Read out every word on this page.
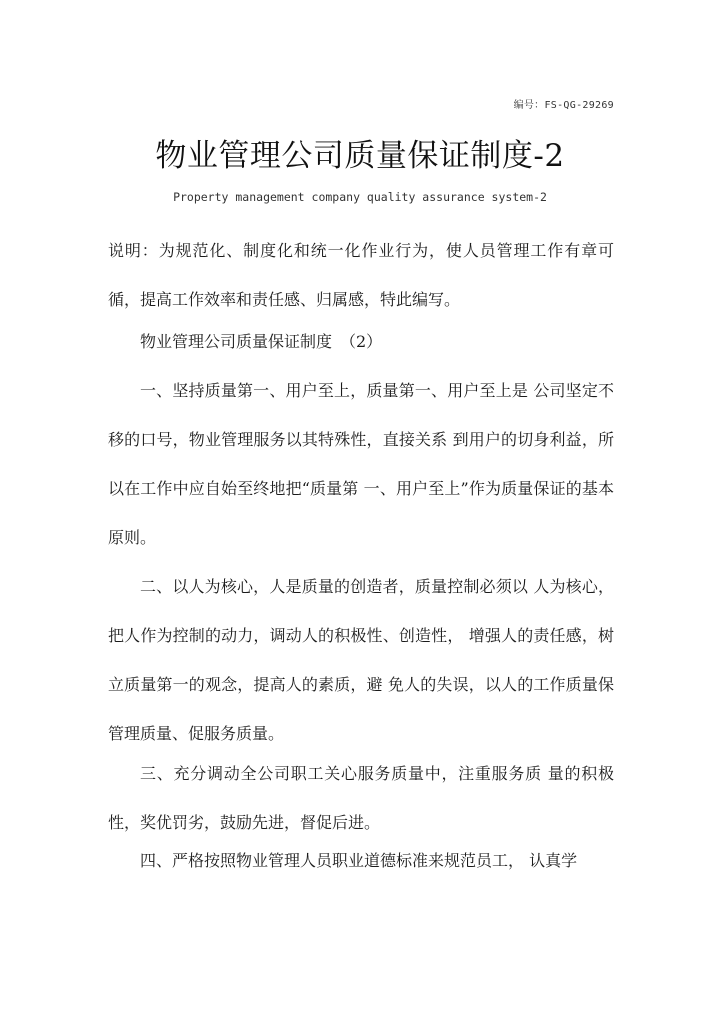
编号：FS-QG-29269
物业管理公司质量保证制度-2
Property management company quality assurance system-2

说明：为规范化、制度化和统一化作业行为，使人员管理工作有章可循，提高工作效率和责任感、归属感，特此编写。

物业管理公司质量保证制度　（2）

一、坚持质量第一、用户至上，质量第一、用户至上是 公司坚定不移的口号，物业管理服务以其特殊性，直接关系 到用户的切身利益，所以在工作中应自始至终地把“质量第 一、用户至上”作为质量保证的基本原则。

二、以人为核心，人是质量的创造者，质量控制必须以 人为核心，把人作为控制的动力，调动人的积极性、创造性， 增强人的责任感，树立质量第一的观念，提高人的素质，避 免人的失误，以人的工作质量保管理质量、促服务质量。

三、充分调动全公司职工关心服务质量中，注重服务质 量的积极性，奖优罚劣，鼓励先进，督促后进。

四、严格按照物业管理人员职业道德标准来规范员工， 认真学
